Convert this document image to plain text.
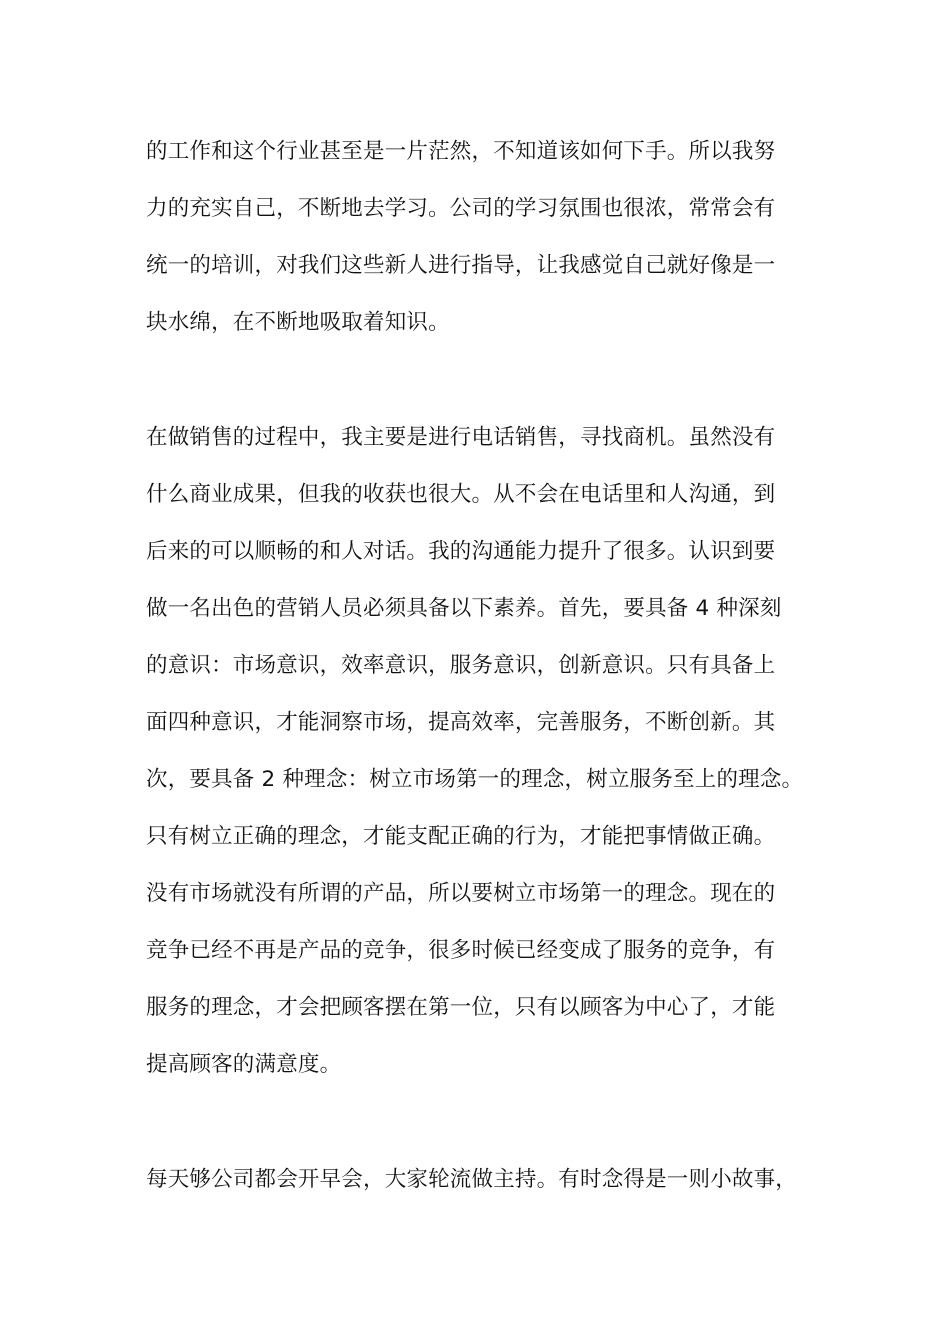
的工作和这个行业甚至是一片茫然，不知道该如何下手。所以我努
力的充实自己，不断地去学习。公司的学习氛围也很浓，常常会有
统一的培训，对我们这些新人进行指导，让我感觉自己就好像是一
块水绵，在不断地吸取着知识。
在做销售的过程中，我主要是进行电话销售，寻找商机。虽然没有
什么商业成果，但我的收获也很大。从不会在电话里和人沟通，到
后来的可以顺畅的和人对话。我的沟通能力提升了很多。认识到要
做一名出色的营销人员必须具备以下素养。首先，要具备 4 种深刻
的意识：市场意识，效率意识，服务意识，创新意识。只有具备上
面四种意识，才能洞察市场，提高效率，完善服务，不断创新。其
次，要具备 2 种理念：树立市场第一的理念，树立服务至上的理念。
只有树立正确的理念，才能支配正确的行为，才能把事情做正确。
没有市场就没有所谓的产品，所以要树立市场第一的理念。现在的
竞争已经不再是产品的竞争，很多时候已经变成了服务的竞争，有
服务的理念，才会把顾客摆在第一位，只有以顾客为中心了，才能
提高顾客的满意度。
每天够公司都会开早会，大家轮流做主持。有时念得是一则小故事，
